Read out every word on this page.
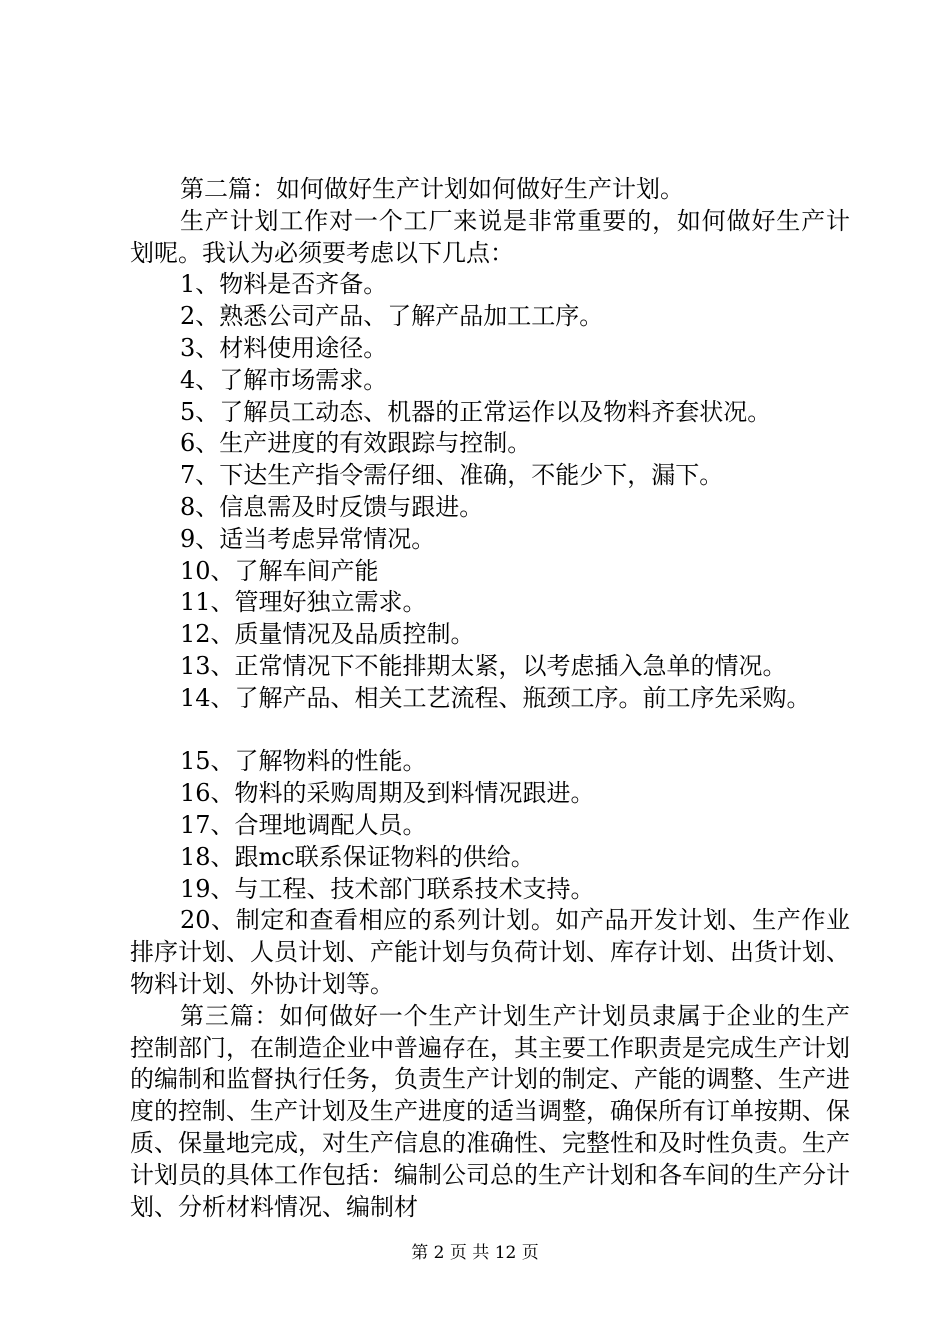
第二篇：如何做好生产计划如何做好生产计划。

生产计划工作对一个工厂来说是非常重要的，如何做好生产计划呢。我认为必须要考虑以下几点：

1、物料是否齐备。

2、熟悉公司产品、了解产品加工工序。

3、材料使用途径。

4、了解市场需求。

5、了解员工动态、机器的正常运作以及物料齐套状况。

6、生产进度的有效跟踪与控制。

7、下达生产指令需仔细、准确，不能少下，漏下。

8、信息需及时反馈与跟进。

9、适当考虑异常情况。

10、了解车间产能

11、管理好独立需求。

12、质量情况及品质控制。

13、正常情况下不能排期太紧，以考虑插入急单的情况。

14、了解产品、相关工艺流程、瓶颈工序。前工序先采购。

15、了解物料的性能。

16、物料的采购周期及到料情况跟进。

17、合理地调配人员。

18、跟mc联系保证物料的供给。

19、与工程、技术部门联系技术支持。

20、制定和查看相应的系列计划。如产品开发计划、生产作业排序计划、人员计划、产能计划与负荷计划、库存计划、出货计划、物料计划、外协计划等。

第三篇：如何做好一个生产计划生产计划员隶属于企业的生产控制部门，在制造企业中普遍存在，其主要工作职责是完成生产计划的编制和监督执行任务，负责生产计划的制定、产能的调整、生产进度的控制、生产计划及生产进度的适当调整，确保所有订单按期、保质、保量地完成，对生产信息的准确性、完整性和及时性负责。生产计划员的具体工作包括：编制公司总的生产计划和各车间的生产分计划、分析材料情况、编制材

第 2 页 共 12 页
